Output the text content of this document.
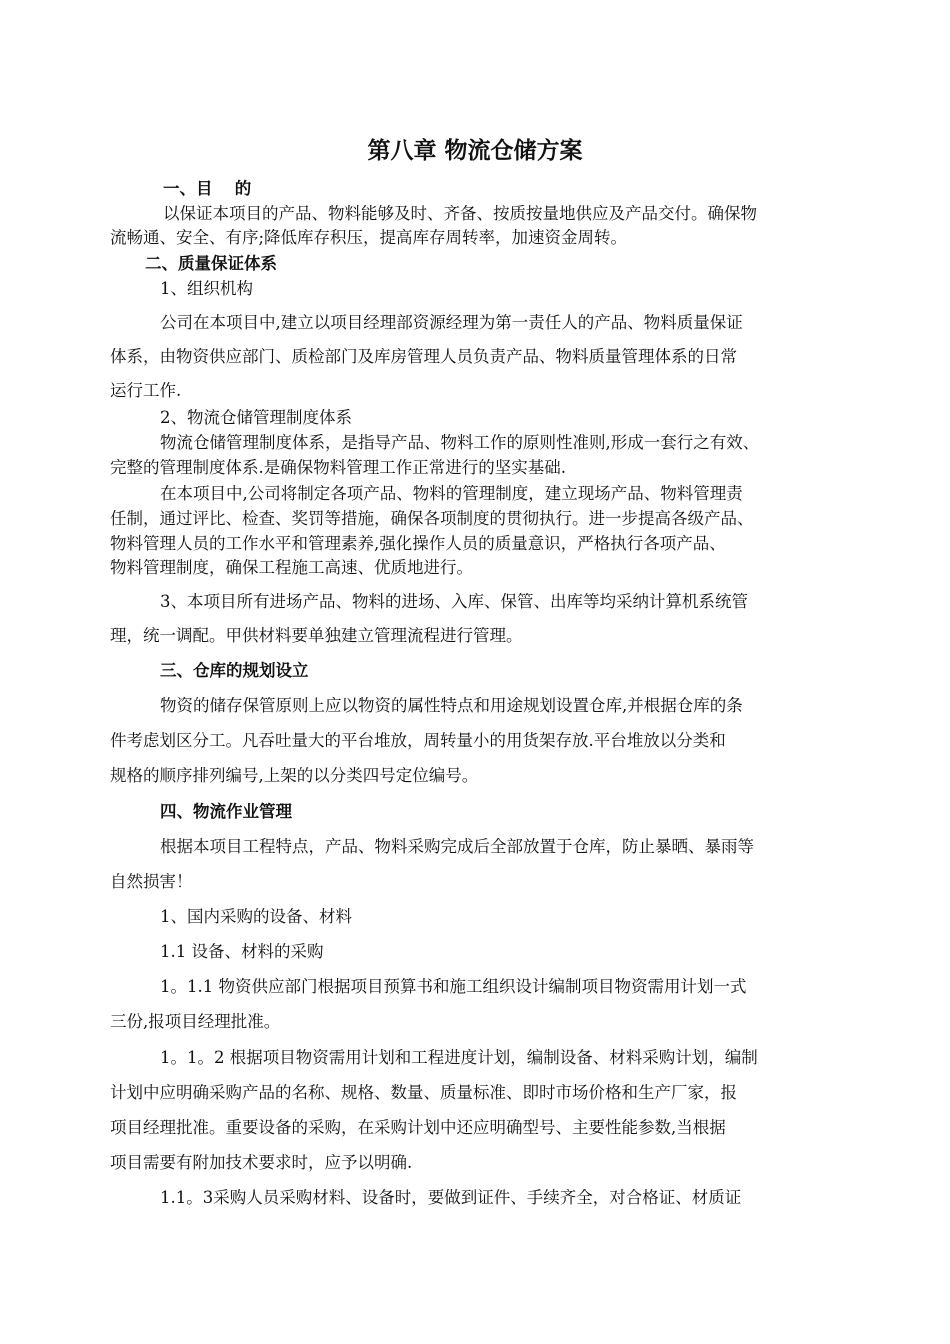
第八章 物流仓储方案
一、目　 的
以保证本项目的产品、物料能够及时、齐备、按质按量地供应及产品交付。确保物
流畅通、安全、有序;降低库存积压，提高库存周转率，加速资金周转。
二、质量保证体系
1、组织机构
公司在本项目中,建立以项目经理部资源经理为第一责任人的产品、物料质量保证
体系，由物资供应部门、质检部门及库房管理人员负责产品、物料质量管理体系的日常
运行工作.
2、物流仓储管理制度体系
物流仓储管理制度体系，是指导产品、物料工作的原则性准则,形成一套行之有效、
完整的管理制度体系.是确保物料管理工作正常进行的坚实基础.
在本项目中,公司将制定各项产品、物料的管理制度，建立现场产品、物料管理责
任制，通过评比、检查、奖罚等措施，确保各项制度的贯彻执行。进一步提高各级产品、
物料管理人员的工作水平和管理素养,强化操作人员的质量意识，严格执行各项产品、
物料管理制度，确保工程施工高速、优质地进行。
3、本项目所有进场产品、物料的进场、入库、保管、出库等均采纳计算机系统管
理，统一调配。甲供材料要单独建立管理流程进行管理。
三、仓库的规划设立
物资的储存保管原则上应以物资的属性特点和用途规划设置仓库,并根据仓库的条
件考虑划区分工。凡吞吐量大的平台堆放，周转量小的用货架存放.平台堆放以分类和
规格的顺序排列编号,上架的以分类四号定位编号。
四、物流作业管理
根据本项目工程特点，产品、物料采购完成后全部放置于仓库，防止暴晒、暴雨等
自然损害！
1、国内采购的设备、材料
1.1 设备、材料的采购
1。1.1 物资供应部门根据项目预算书和施工组织设计编制项目物资需用计划一式
三份,报项目经理批准。
1。1。2 根据项目物资需用计划和工程进度计划，编制设备、材料采购计划，编制
计划中应明确采购产品的名称、规格、数量、质量标准、即时市场价格和生产厂家，报
项目经理批准。重要设备的采购，在采购计划中还应明确型号、主要性能参数,当根据
项目需要有附加技术要求时，应予以明确.
1.1。3采购人员采购材料、设备时，要做到证件、手续齐全，对合格证、材质证
